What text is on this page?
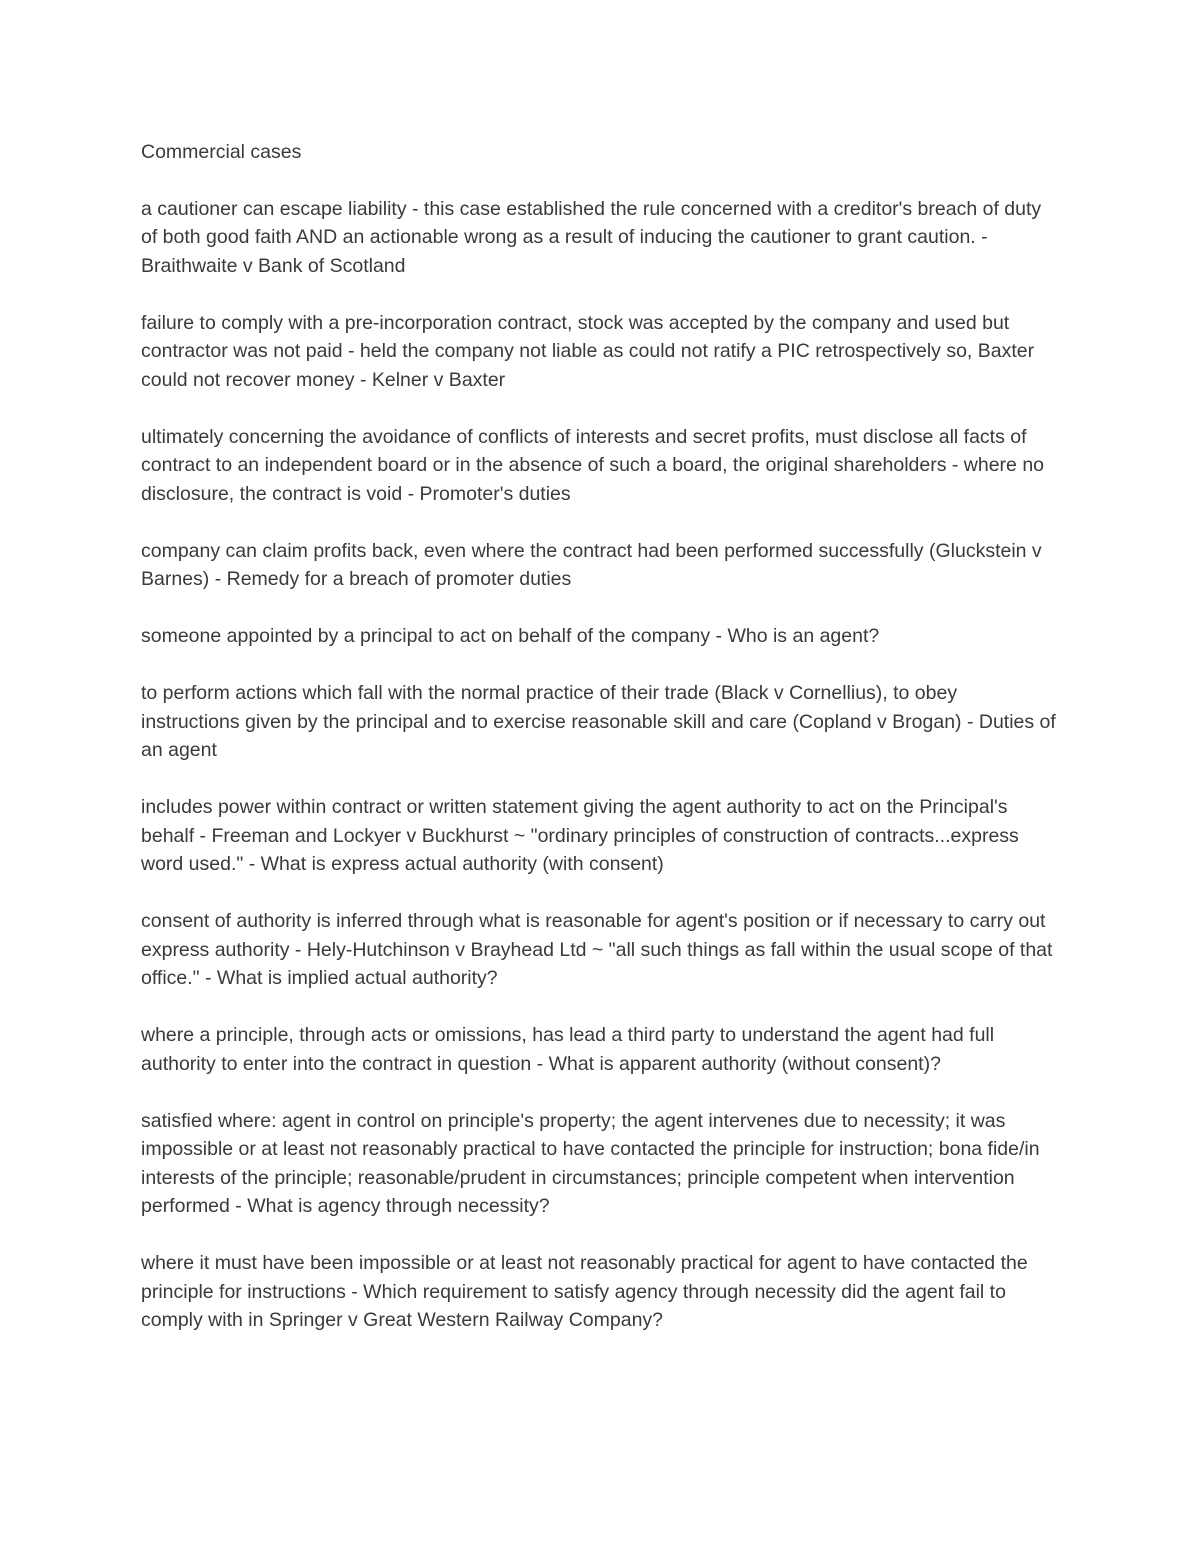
Commercial cases

a cautioner can escape liability - this case established the rule concerned with a creditor's breach of duty of both good faith AND an actionable wrong as a result of inducing the cautioner to grant caution. - Braithwaite v Bank of Scotland

failure to comply with a pre-incorporation contract, stock was accepted by the company and used but contractor was not paid - held the company not liable as could not ratify a PIC retrospectively so, Baxter could not recover money - Kelner v Baxter

ultimately concerning the avoidance of conflicts of interests and secret profits, must disclose all facts of contract to an independent board or in the absence of such a board, the original shareholders - where no disclosure, the contract is void - Promoter's duties

company can claim profits back, even where the contract had been performed successfully (Gluckstein v Barnes) - Remedy for a breach of promoter duties

someone appointed by a principal to act on behalf of the company - Who is an agent?

to perform actions which fall with the normal practice of their trade (Black v Cornellius), to obey instructions given by the principal and to exercise reasonable skill and care (Copland v Brogan) - Duties of an agent

includes power within contract or written statement giving the agent authority to act on the Principal's behalf - Freeman and Lockyer v Buckhurst ~ "ordinary principles of construction of contracts...express word used." - What is express actual authority (with consent)

consent of authority is inferred through what is reasonable for agent's position or if necessary to carry out express authority - Hely-Hutchinson v Brayhead Ltd ~ "all such things as fall within the usual scope of that office." - What is implied actual authority?

where a principle, through acts or omissions, has lead a third party to understand the agent had full authority to enter into the contract in question - What is apparent authority (without consent)?

satisfied where: agent in control on principle's property; the agent intervenes due to necessity; it was impossible or at least not reasonably practical to have contacted the principle for instruction; bona fide/in interests of the principle; reasonable/prudent in circumstances; principle competent when intervention performed - What is agency through necessity?

where it must have been impossible or at least not reasonably practical for agent to have contacted the principle for instructions - Which requirement to satisfy agency through necessity did the agent fail to comply with in Springer v Great Western Railway Company?
